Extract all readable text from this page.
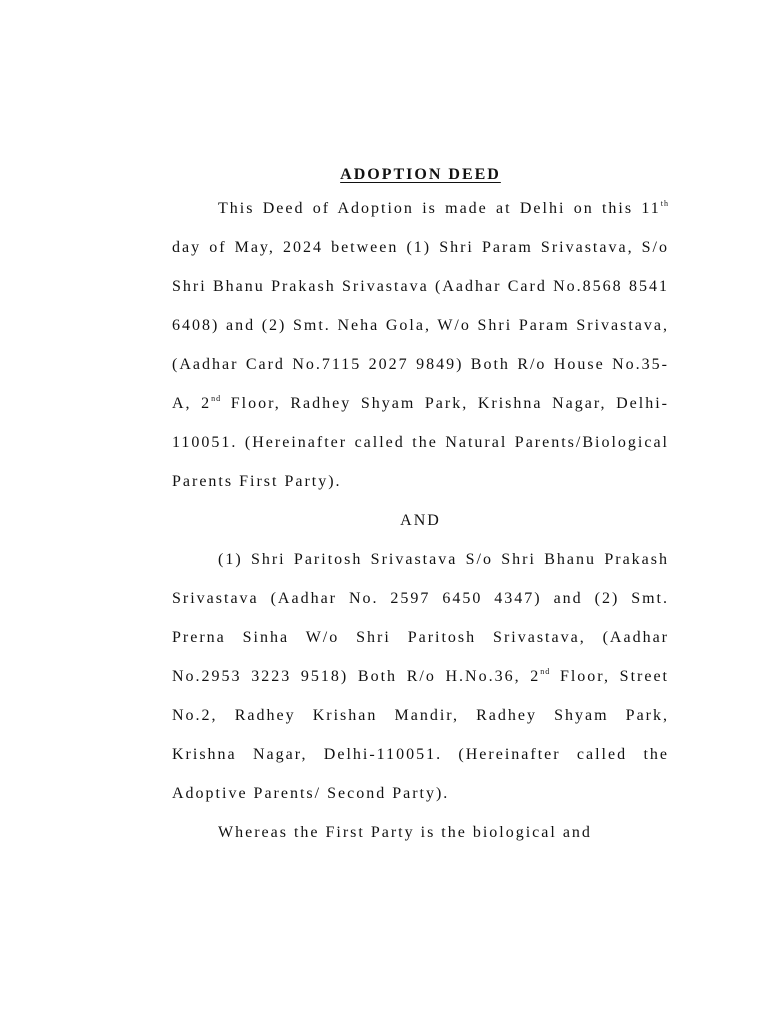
ADOPTION DEED

This Deed of Adoption is made at Delhi on this 11th day of May, 2024 between (1) Shri Param Srivastava, S/o Shri Bhanu Prakash Srivastava (Aadhar Card No.8568 8541 6408) and (2) Smt. Neha Gola, W/o Shri Param Srivastava, (Aadhar Card No.7115 2027 9849) Both R/o House No.35-A, 2nd Floor, Radhey Shyam Park, Krishna Nagar, Delhi-110051. (Hereinafter called the Natural Parents/Biological Parents First Party).

AND

(1) Shri Paritosh Srivastava S/o Shri Bhanu Prakash Srivastava (Aadhar No. 2597 6450 4347) and (2) Smt. Prerna Sinha W/o Shri Paritosh Srivastava, (Aadhar No.2953 3223 9518) Both R/o H.No.36, 2nd Floor, Street No.2, Radhey Krishan Mandir, Radhey Shyam Park, Krishna Nagar, Delhi-110051. (Hereinafter called the Adoptive Parents/ Second Party).

Whereas the First Party is the biological and
